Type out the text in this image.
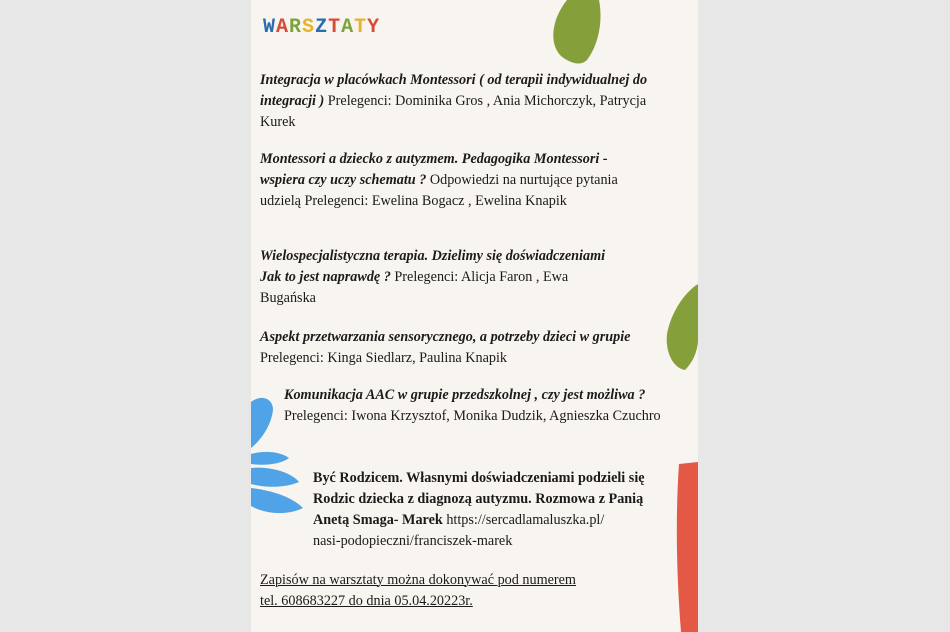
WARSZTATY
Integracja w placówkach Montessori ( od terapii indywidualnej do integracji ) Prelegenci: Dominika Gros , Ania Michorczyk, Patrycja Kurek
Montessori a dziecko z autyzmem. Pedagogika Montessori - wspiera czy uczy schematu ? Odpowiedzi na nurtujące pytania udzielą Prelegenci: Ewelina Bogacz , Ewelina Knapik
Wielospecjalistyczna terapia. Dzielimy się doświadczeniami Jak to jest naprawdę ? Prelegenci: Alicja Faron , Ewa Bugańska
Aspekt przetwarzania sensorycznego, a potrzeby dzieci w grupie Prelegenci: Kinga Siedlarz, Paulina Knapik
Komunikacja AAC w grupie przedszkolnej , czy jest możliwa ? Prelegenci: Iwona Krzysztof, Monika Dudzik, Agnieszka Czuchro
Być Rodzicem. Własnymi doświadczeniami podzieli się Rodzic dziecka z diagnozą autyzmu. Rozmowa z Panią Anetą Smaga- Marek https://sercadlamaluszka.pl/
nasi-podopieczni/franciszek-marek
Zapisów na warsztaty można dokonywać pod numerem
tel. 608683227 do dnia 05.04.20223r.
